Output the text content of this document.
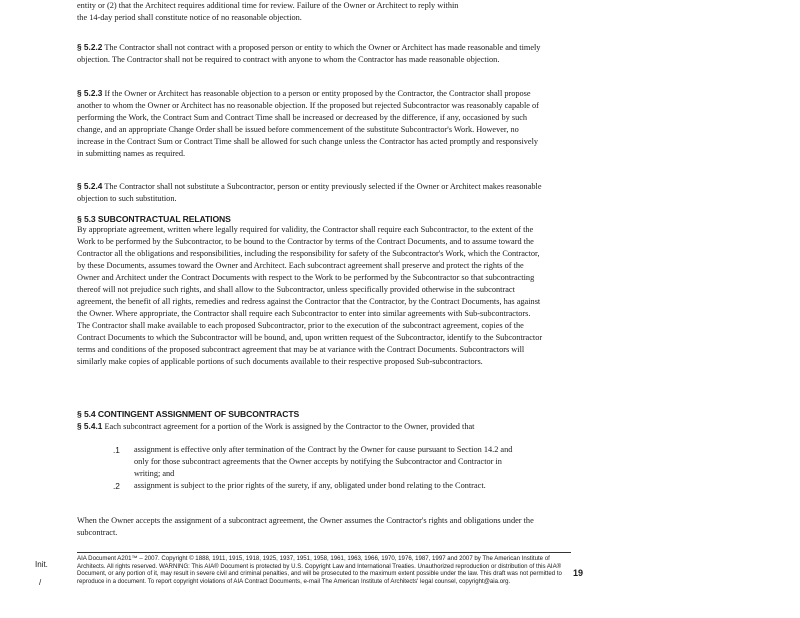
entity or (2) that the Architect requires additional time for review. Failure of the Owner or Architect to reply within

the 14-day period shall constitute notice of no reasonable objection.

§ 5.2.2 The Contractor shall not contract with a proposed person or entity to which the Owner or Architect has made reasonable and timely objection. The Contractor shall not be required to contract with anyone to whom the Contractor has made reasonable objection.

§ 5.2.3 If the Owner or Architect has reasonable objection to a person or entity proposed by the Contractor, the Contractor shall propose another to whom the Owner or Architect has no reasonable objection. If the proposed but rejected Subcontractor was reasonably capable of performing the Work, the Contract Sum and Contract Time shall be increased or decreased by the difference, if any, occasioned by such change, and an appropriate Change Order shall be issued before commencement of the substitute Subcontractor's Work. However, no increase in the Contract Sum or Contract Time shall be allowed for such change unless the Contractor has acted promptly and responsively in submitting names as required.

§ 5.2.4 The Contractor shall not substitute a Subcontractor, person or entity previously selected if the Owner or Architect makes reasonable objection to such substitution.

§ 5.3 SUBCONTRACTUAL RELATIONS

By appropriate agreement, written where legally required for validity, the Contractor shall require each Subcontractor, to the extent of the Work to be performed by the Subcontractor, to be bound to the Contractor by terms of the Contract Documents, and to assume toward the Contractor all the obligations and responsibilities, including the responsibility for safety of the Subcontractor's Work, which the Contractor, by these Documents, assumes toward the Owner and Architect. Each subcontract agreement shall preserve and protect the rights of the Owner and Architect under the Contract Documents with respect to the Work to be performed by the Subcontractor so that subcontracting thereof will not prejudice such rights, and shall allow to the Subcontractor, unless specifically provided otherwise in the subcontract agreement, the benefit of all rights, remedies and redress against the Contractor that the Contractor, by the Contract Documents, has against the Owner. Where appropriate, the Contractor shall require each Subcontractor to enter into similar agreements with Sub-subcontractors. The Contractor shall make available to each proposed Subcontractor, prior to the execution of the subcontract agreement, copies of the Contract Documents to which the Subcontractor will be bound, and, upon written request of the Subcontractor, identify to the Subcontractor terms and conditions of the proposed subcontract agreement that may be at variance with the Contract Documents. Subcontractors will similarly make copies of applicable portions of such documents available to their respective proposed Sub-subcontractors.

§ 5.4 CONTINGENT ASSIGNMENT OF SUBCONTRACTS

§ 5.4.1 Each subcontract agreement for a portion of the Work is assigned by the Contractor to the Owner, provided that

.1 assignment is effective only after termination of the Contract by the Owner for cause pursuant to Section 14.2 and only for those subcontract agreements that the Owner accepts by notifying the Subcontractor and Contractor in writing; and
.2 assignment is subject to the prior rights of the surety, if any, obligated under bond relating to the Contract.

When the Owner accepts the assignment of a subcontract agreement, the Owner assumes the Contractor's rights and obligations under the subcontract.

Init.
/

AIA Document A201™ – 2007. Copyright © 1888, 1911, 1915, 1918, 1925, 1937, 1951, 1958, 1961, 1963, 1966, 1970, 1976, 1987, 1997 and 2007 by The American Institute of Architects. All rights reserved. WARNING: This AIA® Document is protected by U.S. Copyright Law and International Treaties. Unauthorized reproduction or distribution of this AIA® Document, or any portion of it, may result in severe civil and criminal penalties, and will be prosecuted to the maximum extent possible under the law. This draft was not permitted to reproduce in a document. To report copyright violations of AIA Contract Documents, e-mail The American Institute of Architects' legal counsel, copyright@aia.org.

19
